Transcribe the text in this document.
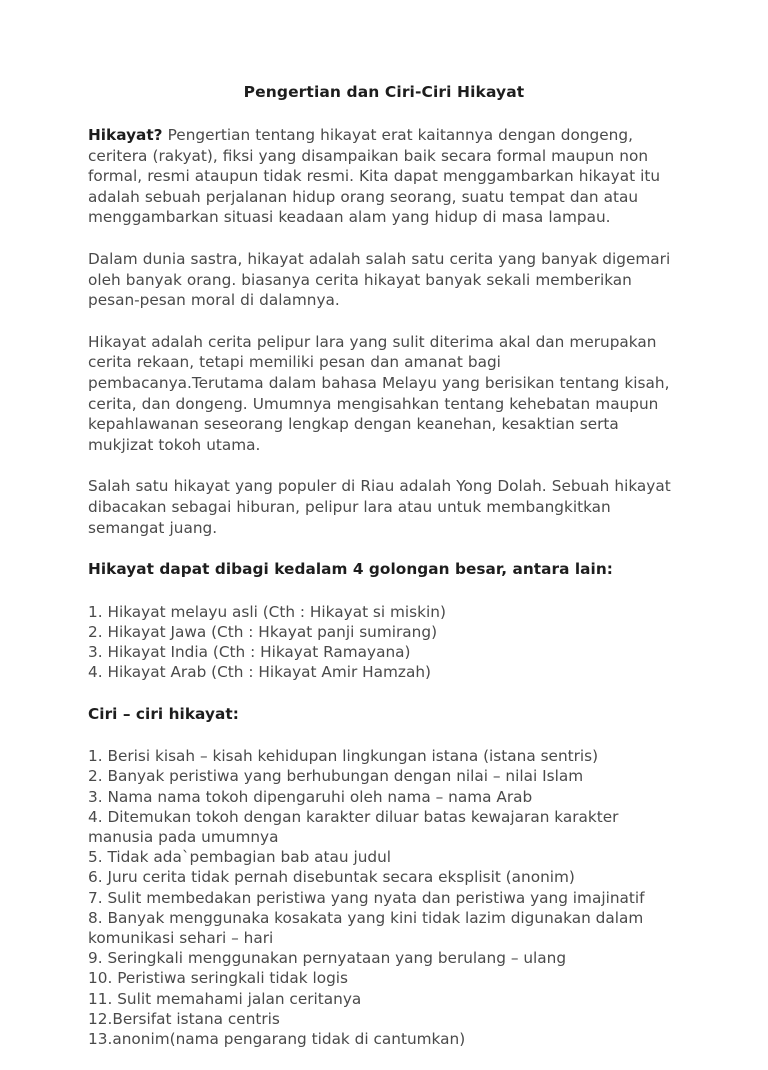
Pengertian dan Ciri-Ciri Hikayat

Hikayat? Pengertian tentang hikayat erat kaitannya dengan dongeng, ceritera (rakyat), fiksi yang disampaikan baik secara formal maupun non formal, resmi ataupun tidak resmi. Kita dapat menggambarkan hikayat itu adalah sebuah perjalanan hidup orang seorang, suatu tempat dan atau menggambarkan situasi keadaan alam yang hidup di masa lampau.

Dalam dunia sastra, hikayat adalah salah satu cerita yang banyak digemari oleh banyak orang. biasanya cerita hikayat banyak sekali memberikan pesan-pesan moral di dalamnya.

Hikayat adalah cerita pelipur lara yang sulit diterima akal dan merupakan cerita rekaan, tetapi memiliki pesan dan amanat bagi pembacanya.Terutama dalam bahasa Melayu yang berisikan tentang kisah, cerita, dan dongeng. Umumnya mengisahkan tentang kehebatan maupun kepahlawanan seseorang lengkap dengan keanehan, kesaktian serta mukjizat tokoh utama.

Salah satu hikayat yang populer di Riau adalah Yong Dolah. Sebuah hikayat dibacakan sebagai hiburan, pelipur lara atau untuk membangkitkan semangat juang.

Hikayat dapat dibagi kedalam 4 golongan besar, antara lain:
1. Hikayat melayu asli (Cth : Hikayat si miskin)
2. Hikayat Jawa (Cth : Hkayat panji sumirang)
3. Hikayat India (Cth : Hikayat Ramayana)
4. Hikayat Arab (Cth : Hikayat Amir Hamzah)
Ciri – ciri hikayat:
1. Berisi kisah – kisah kehidupan lingkungan istana (istana sentris)
2. Banyak peristiwa yang berhubungan dengan nilai – nilai Islam
3. Nama nama tokoh dipengaruhi oleh nama – nama Arab
4. Ditemukan tokoh dengan karakter diluar batas kewajaran karakter manusia pada umumnya
5. Tidak ada`pembagian bab atau judul
6. Juru cerita tidak pernah disebuntak secara eksplisit (anonim)
7. Sulit membedakan peristiwa yang nyata dan peristiwa yang imajinatif
8. Banyak menggunaka kosakata yang kini tidak lazim digunakan dalam komunikasi sehari – hari
9. Seringkali menggunakan pernyataan yang berulang – ulang
10. Peristiwa seringkali tidak logis
11. Sulit memahami jalan ceritanya
12.Bersifat istana centris
13.anonim(nama pengarang tidak di cantumkan)
